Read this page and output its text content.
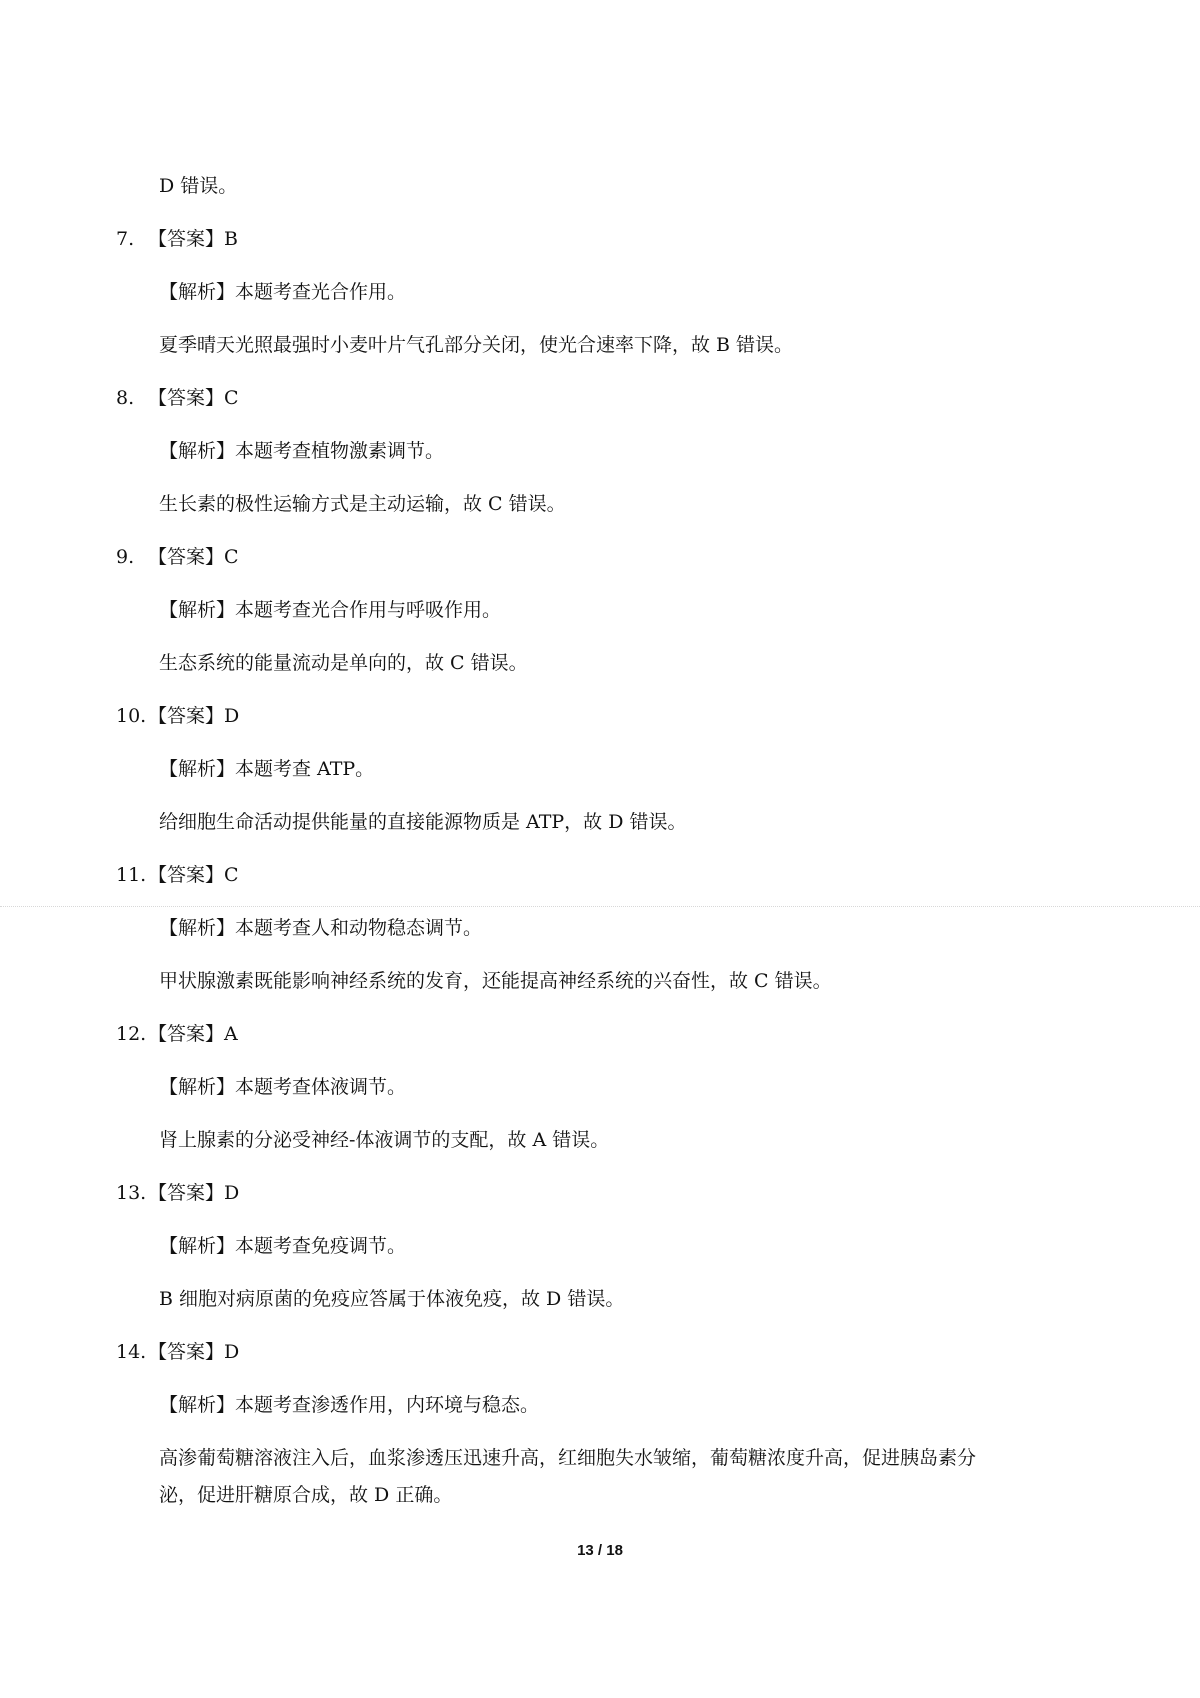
D 错误。
7. 【答案】B
【解析】本题考查光合作用。
夏季晴天光照最强时小麦叶片气孔部分关闭，使光合速率下降，故 B 错误。
8. 【答案】C
【解析】本题考查植物激素调节。
生长素的极性运输方式是主动运输，故 C 错误。
9. 【答案】C
【解析】本题考查光合作用与呼吸作用。
生态系统的能量流动是单向的，故 C 错误。
10. 【答案】D
【解析】本题考查 ATP。
给细胞生命活动提供能量的直接能源物质是 ATP，故 D 错误。
11. 【答案】C
【解析】本题考查人和动物稳态调节。
甲状腺激素既能影响神经系统的发育，还能提高神经系统的兴奋性，故 C 错误。
12. 【答案】A
【解析】本题考查体液调节。
肾上腺素的分泌受神经-体液调节的支配，故 A 错误。
13. 【答案】D
【解析】本题考查免疫调节。
B 细胞对病原菌的免疫应答属于体液免疫，故 D 错误。
14. 【答案】D
【解析】本题考查渗透作用，内环境与稳态。
高渗葡萄糖溶液注入后，血浆渗透压迅速升高，红细胞失水皱缩，葡萄糖浓度升高，促进胰岛素分
泌，促进肝糖原合成，故 D 正确。
13 / 18
